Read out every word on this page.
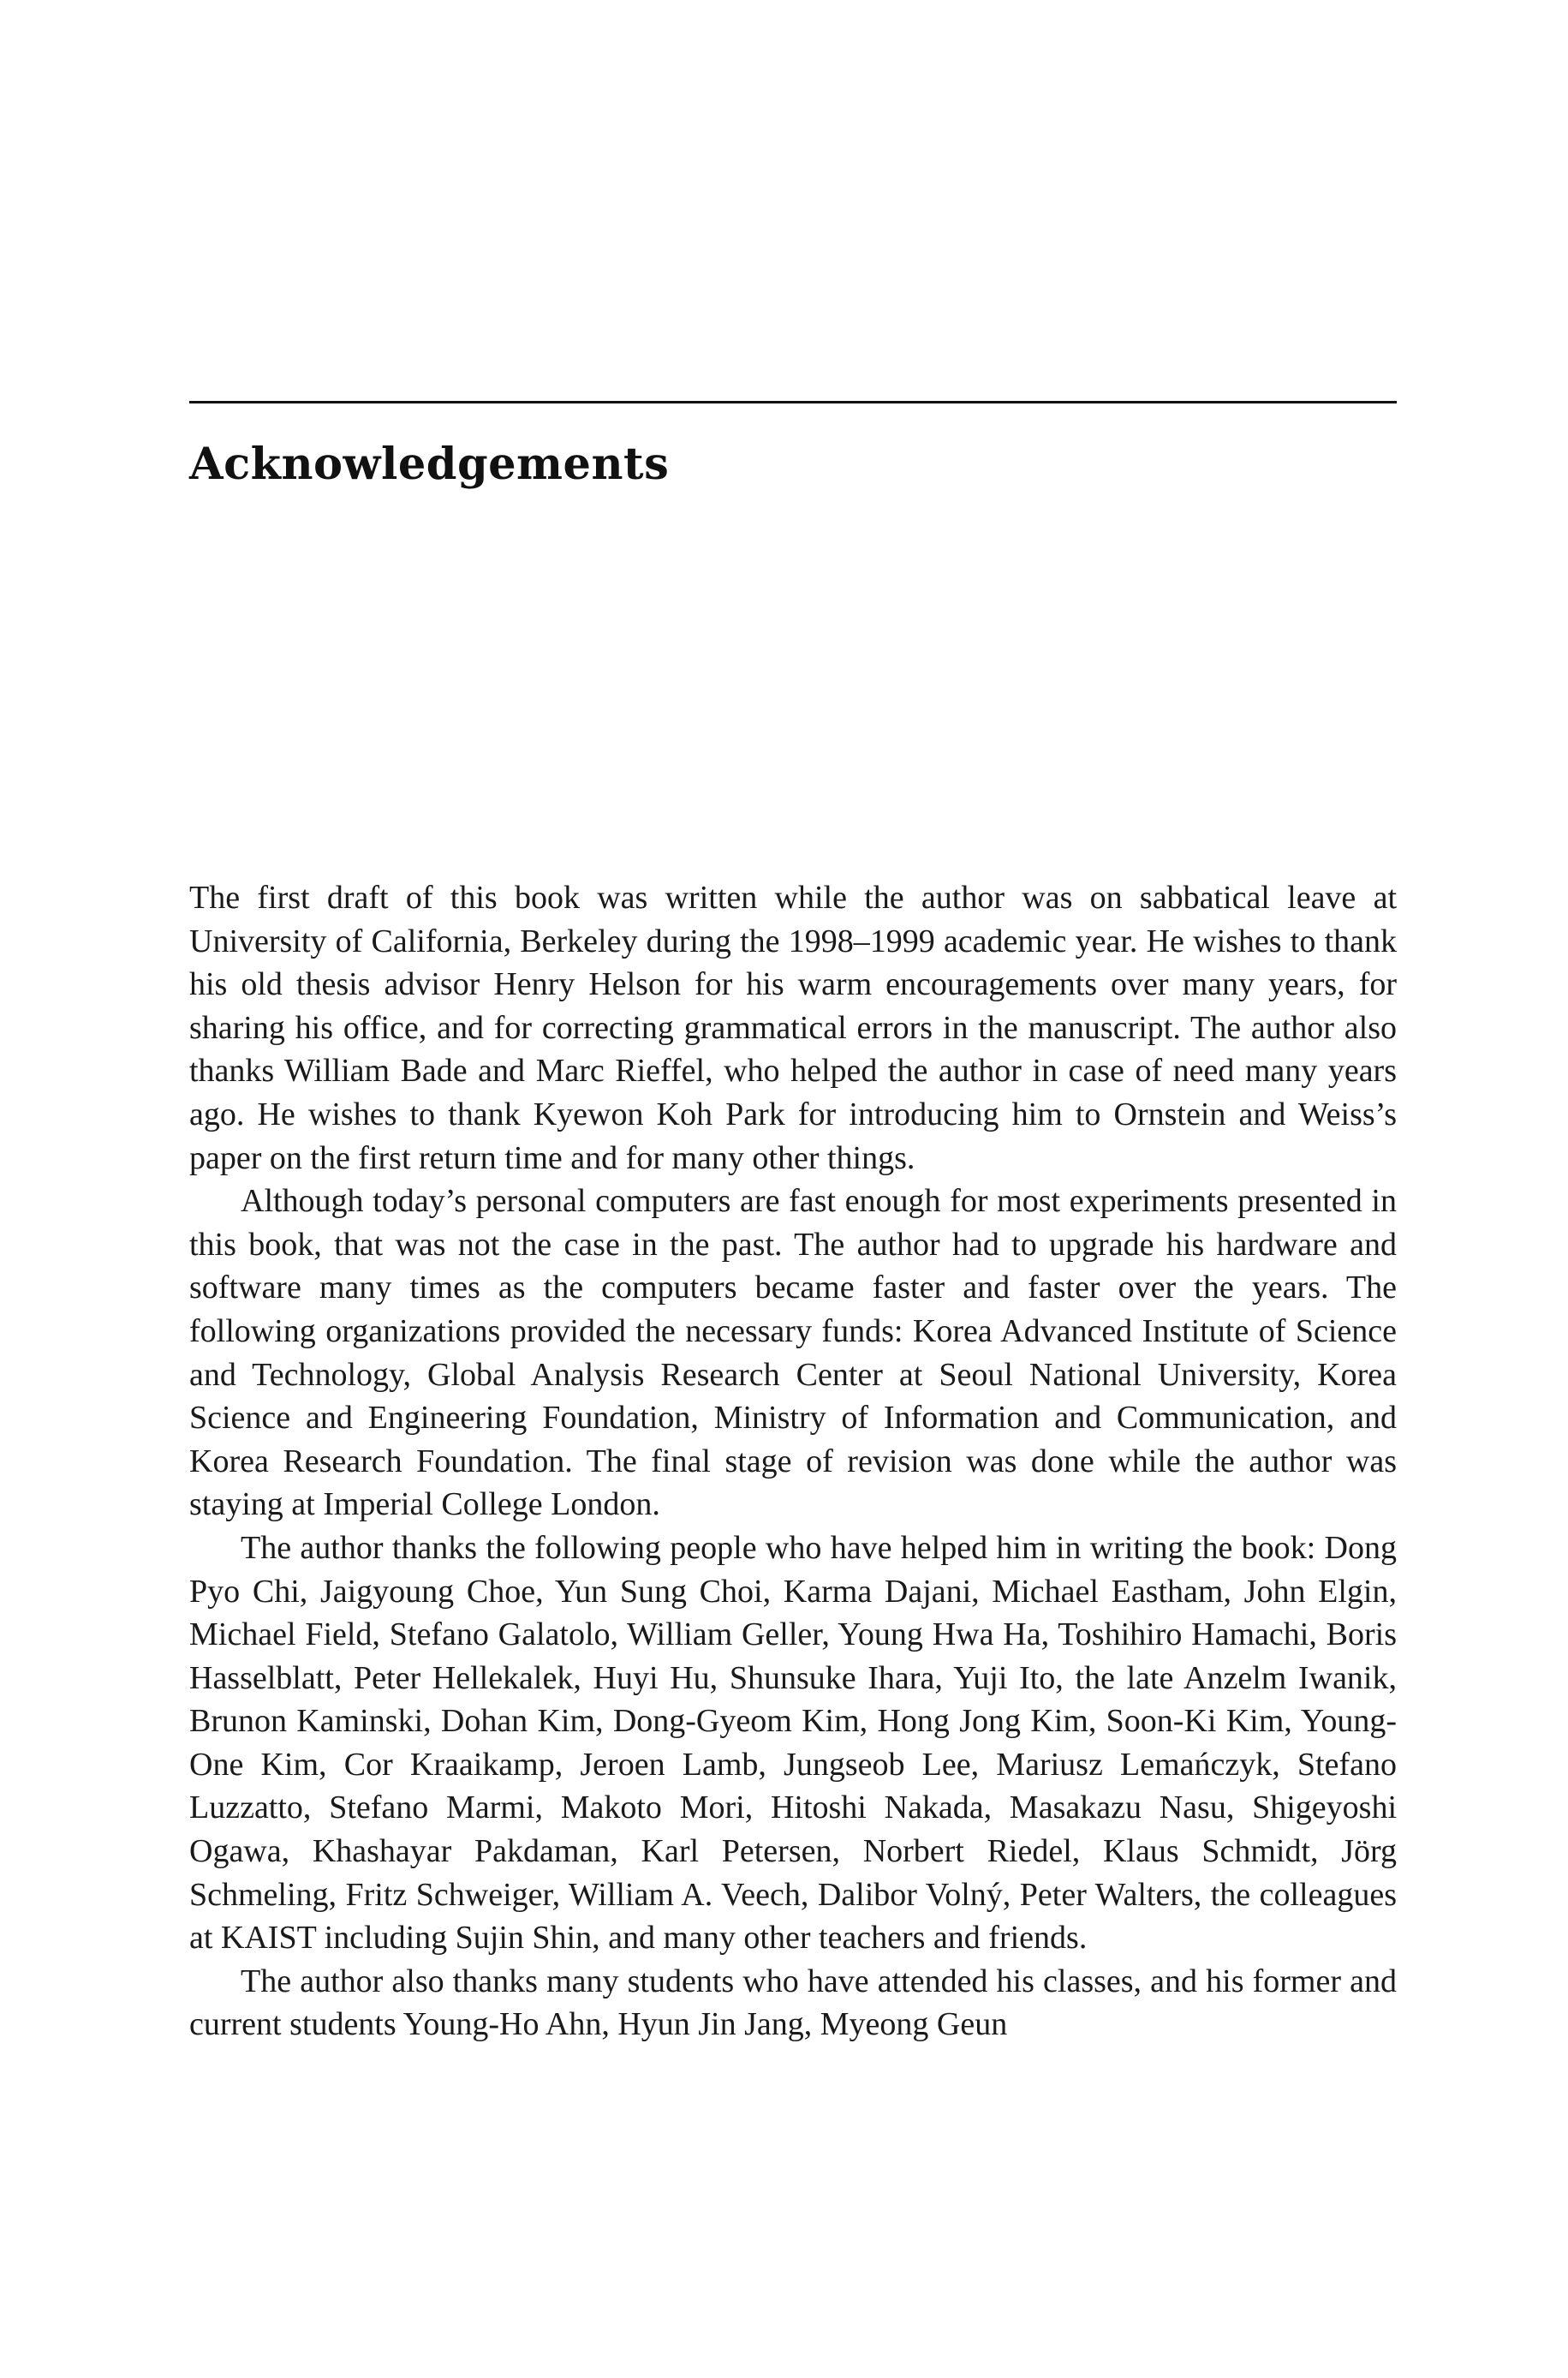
Acknowledgements

The first draft of this book was written while the author was on sabbatical leave at University of California, Berkeley during the 1998–1999 academic year. He wishes to thank his old thesis advisor Henry Helson for his warm encouragements over many years, for sharing his office, and for correcting grammatical errors in the manuscript. The author also thanks William Bade and Marc Rieffel, who helped the author in case of need many years ago. He wishes to thank Kyewon Koh Park for introducing him to Ornstein and Weiss’s paper on the first return time and for many other things.

Although today’s personal computers are fast enough for most experiments presented in this book, that was not the case in the past. The author had to upgrade his hardware and software many times as the computers became faster and faster over the years. The following organizations provided the necessary funds: Korea Advanced Institute of Science and Technology, Global Analysis Research Center at Seoul National University, Korea Science and Engineering Foundation, Ministry of Information and Communication, and Korea Research Foundation. The final stage of revision was done while the author was staying at Imperial College London.

The author thanks the following people who have helped him in writing the book: Dong Pyo Chi, Jaigyoung Choe, Yun Sung Choi, Karma Dajani, Michael Eastham, John Elgin, Michael Field, Stefano Galatolo, William Geller, Young Hwa Ha, Toshihiro Hamachi, Boris Hasselblatt, Peter Hellekalek, Huyi Hu, Shunsuke Ihara, Yuji Ito, the late Anzelm Iwanik, Brunon Kaminski, Dohan Kim, Dong-Gyeom Kim, Hong Jong Kim, Soon-Ki Kim, Young-One Kim, Cor Kraaikamp, Jeroen Lamb, Jungseob Lee, Mariusz Lemańczyk, Stefano Luzzatto, Stefano Marmi, Makoto Mori, Hitoshi Nakada, Masakazu Nasu, Shigeyoshi Ogawa, Khashayar Pakdaman, Karl Petersen, Norbert Riedel, Klaus Schmidt, Jörg Schmeling, Fritz Schweiger, William A. Veech, Dalibor Volný, Peter Walters, the colleagues at KAIST including Sujin Shin, and many other teachers and friends.

The author also thanks many students who have attended his classes, and his former and current students Young-Ho Ahn, Hyun Jin Jang, Myeong Geun
